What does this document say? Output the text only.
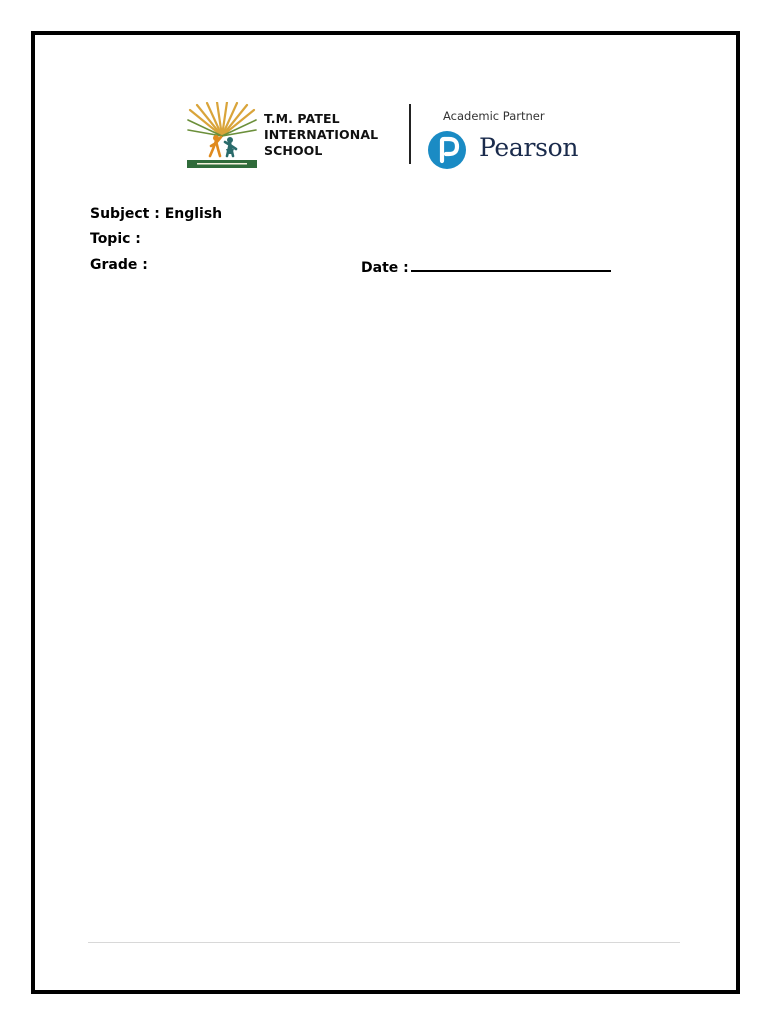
T.M. PATEL
INTERNATIONAL
SCHOOL
Academic Partner
Pearson
Subject : English
Topic :
Grade :	Date :
